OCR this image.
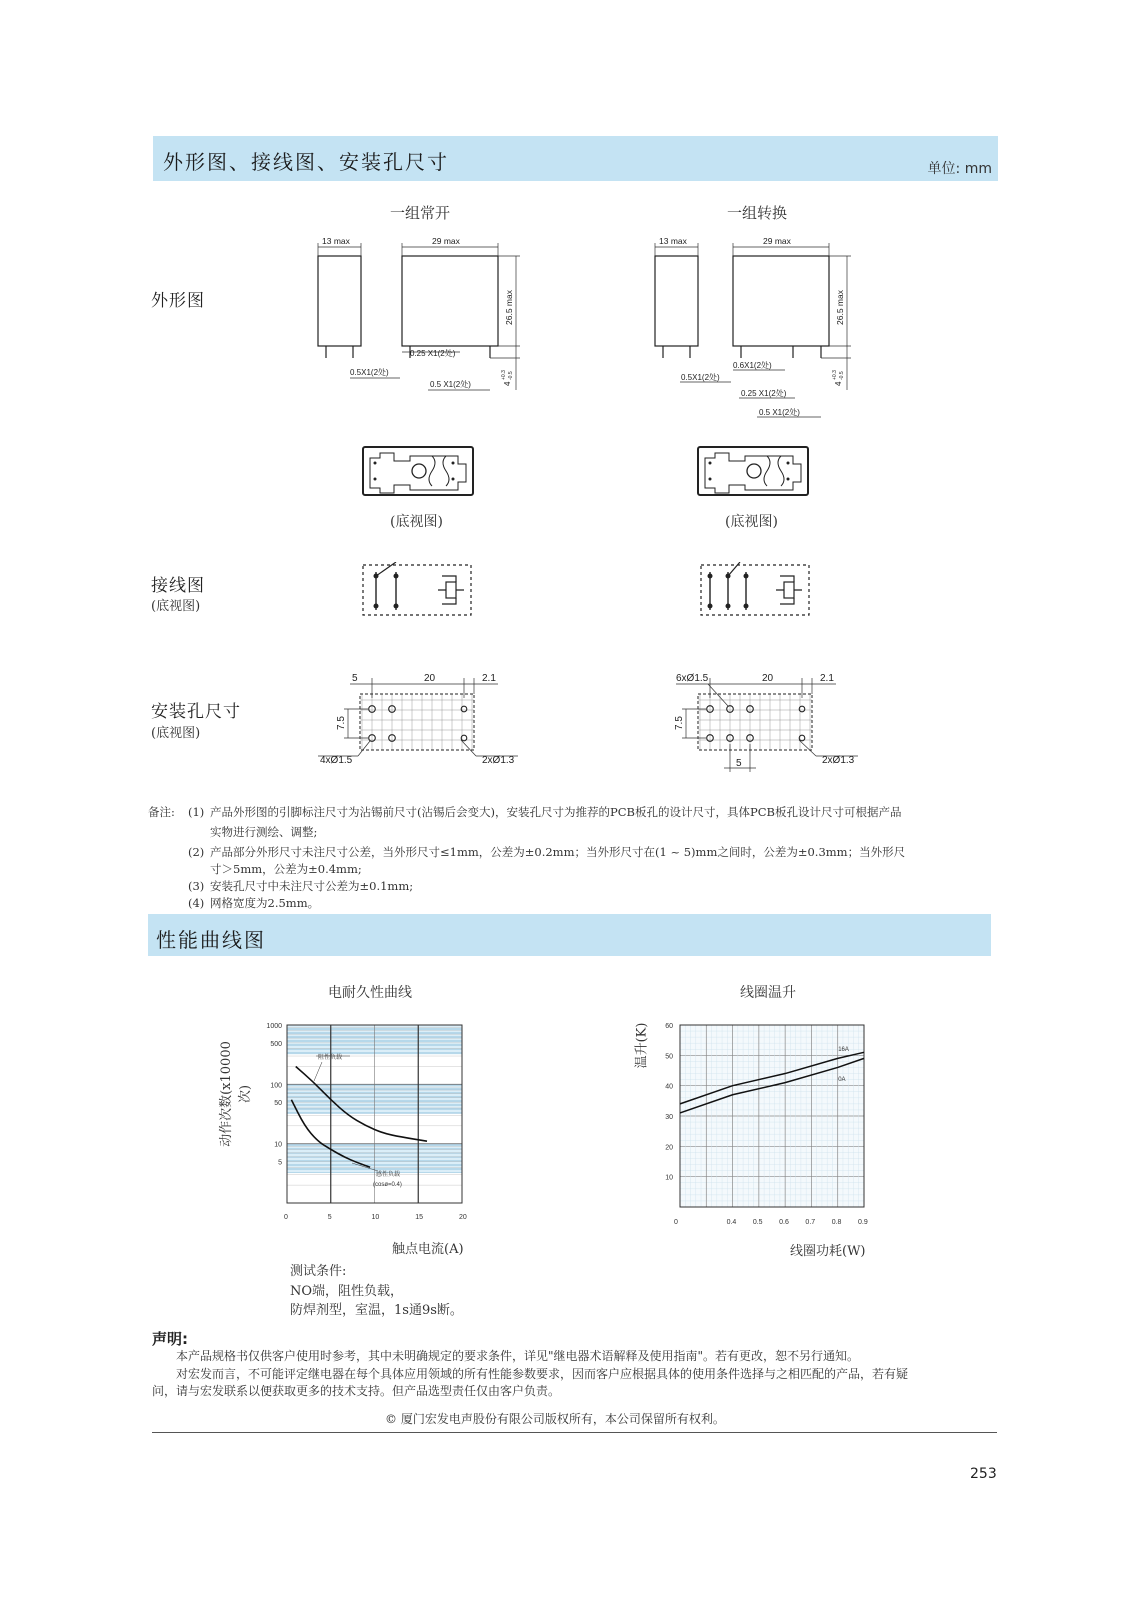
外形图、接线图、安装孔尺寸	单位: mm
一组常开	一组转换
外形图
接线图
(底视图)
安装孔尺寸
(底视图)
13 max	29 max
26.5 max
0.25 X1(2处)
0.5X1(2处)
0.5 X1(2处)	4
+0.3 -0.5
13 max	29 max
26.5 max
0.6X1(2处)
0.5X1(2处)
0.25 X1(2处)
0.5 X1(2处)
4
+0.3 -0.5
(底视图)	(底视图)
5	20	2.1
7.5
4xØ1.5	2xØ1.3
6xØ1.5	20	2.1
7.5
5	2xØ1.3
备注: (1) 产品外形图的引脚标注尺寸为沾锡前尺寸(沾锡后会变大)，安装孔尺寸为推荐的PCB板孔的设计尺寸，具体PCB板孔设计尺寸可根据产品
实物进行测绘、调整;
(2) 产品部分外形尺寸未注尺寸公差，当外形尺寸≤1mm，公差为±0.2mm；当外形尺寸在(1 ~ 5)mm之间时，公差为±0.3mm；当外形尺
寸＞5mm，公差为±0.4mm;
(3) 安装孔尺寸中未注尺寸公差为±0.1mm;
(4) 网格宽度为2.5mm。
性能曲线图
电耐久性曲线
0	5	10	15	20
1000
500
100
50
10
5
阻性负载
感性负载
(cosø=0.4)
动作次数(x10000次)
触点电流(A)
线圈温升
0	0.4 0.5 0.6 0.7 0.8 0.9
60
50
40
30
20
10
16A
0A
温升(K)
线圈功耗(W)
测试条件:
NO端，阻性负载，
防焊剂型，室温，1s通9s断。
声明:
本产品规格书仅供客户使用时参考，其中未明确规定的要求条件，详见"继电器术语解释及使用指南"。若有更改，恕不另行通知。
对宏发而言，不可能评定继电器在每个具体应用领域的所有性能参数要求，因而客户应根据具体的使用条件选择与之相匹配的产品，若有疑
问，请与宏发联系以便获取更多的技术支持。但产品选型责任仅由客户负责。
© 厦门宏发电声股份有限公司版权所有，本公司保留所有权利。
253
